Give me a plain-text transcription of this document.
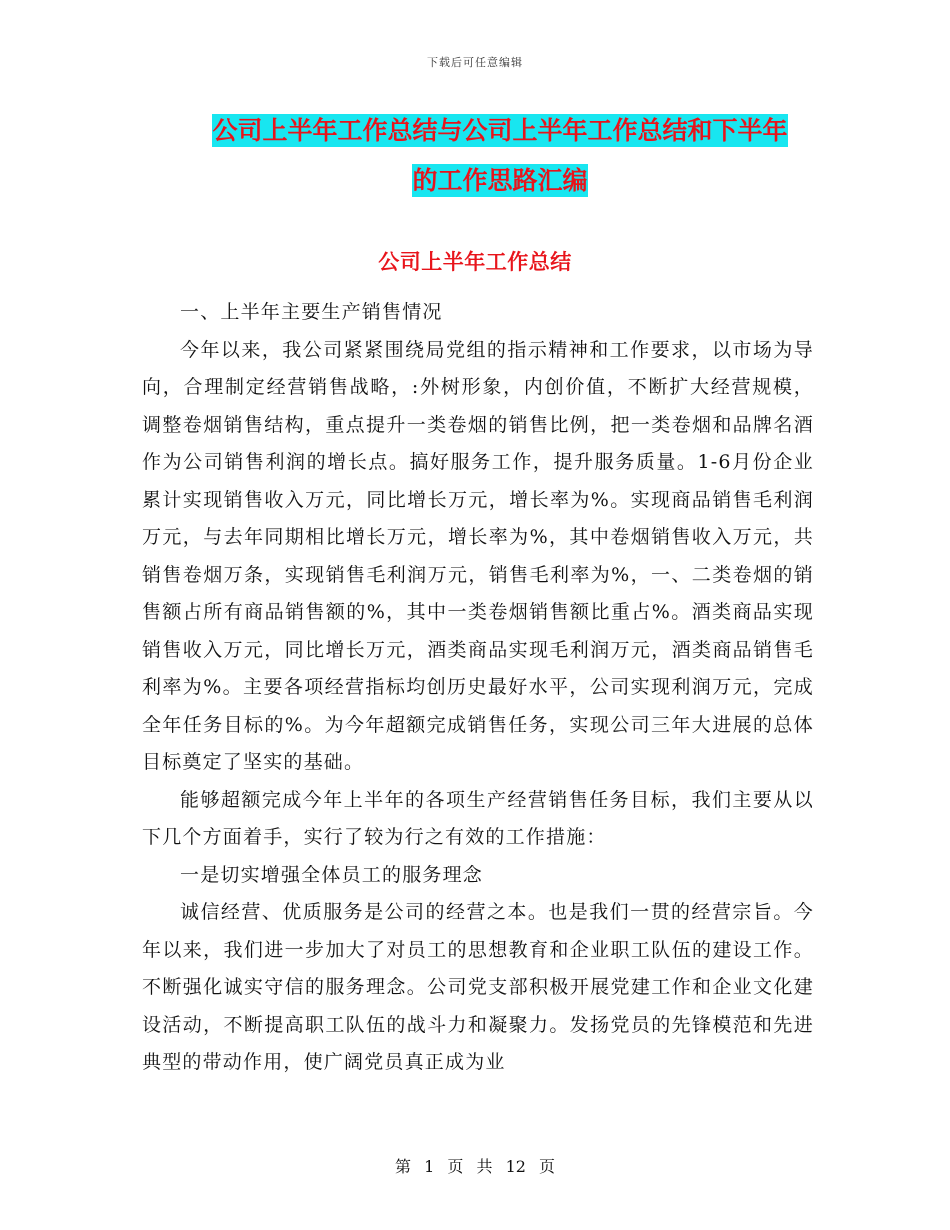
下载后可任意编辑
公司上半年工作总结与公司上半年工作总结和下半年
的工作思路汇编
公司上半年工作总结

一、上半年主要生产销售情况

今年以来，我公司紧紧围绕局党组的指示精神和工作要求，以市场为导向，合理制定经营销售战略，:外树形象，内创价值，不断扩大经营规模，调整卷烟销售结构，重点提升一类卷烟的销售比例，把一类卷烟和品牌名酒作为公司销售利润的增长点。搞好服务工作，提升服务质量。1-6月份企业累计实现销售收入万元，同比增长万元，增长率为%。实现商品销售毛利润万元，与去年同期相比增长万元，增长率为%，其中卷烟销售收入万元，共销售卷烟万条，实现销售毛利润万元，销售毛利率为%，一、二类卷烟的销售额占所有商品销售额的%，其中一类卷烟销售额比重占%。酒类商品实现销售收入万元，同比增长万元，酒类商品实现毛利润万元，酒类商品销售毛利率为%。主要各项经营指标均创历史最好水平，公司实现利润万元，完成全年任务目标的%。为今年超额完成销售任务，实现公司三年大进展的总体目标奠定了坚实的基础。

能够超额完成今年上半年的各项生产经营销售任务目标，我们主要从以下几个方面着手，实行了较为行之有效的工作措施：

一是切实增强全体员工的服务理念

诚信经营、优质服务是公司的经营之本。也是我们一贯的经营宗旨。今年以来，我们进一步加大了对员工的思想教育和企业职工队伍的建设工作。不断强化诚实守信的服务理念。公司党支部积极开展党建工作和企业文化建设活动，不断提高职工队伍的战斗力和凝聚力。发扬党员的先锋模范和先进典型的带动作用，使广阔党员真正成为业

第 1 页 共 12 页
